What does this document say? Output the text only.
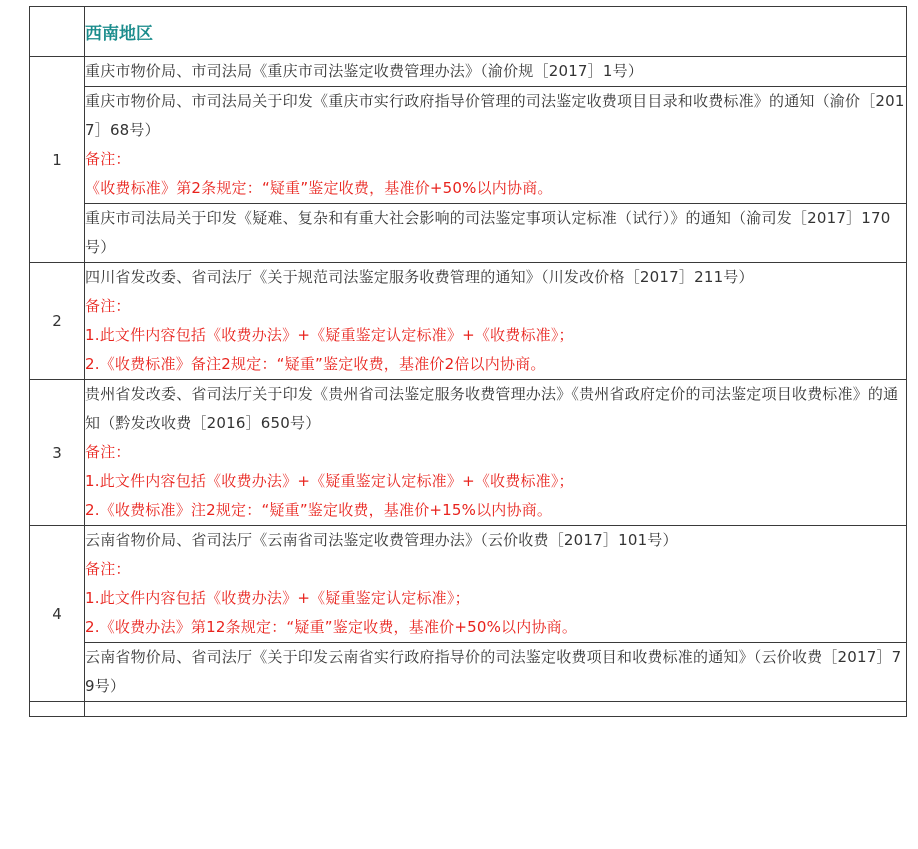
	西南地区
1	重庆市物价局、市司法局《重庆市司法鉴定收费管理办法》（渝价规［2017］1号）

	重庆市物价局、市司法局关于印发《重庆市实行政府指导价管理的司法鉴定收费项目目录和收费标准》的通知（渝价［2017］68号）
备注：
《收费标准》第2条规定：“疑重”鉴定收费，基准价+50%以内协商。

	重庆市司法局关于印发《疑难、复杂和有重大社会影响的司法鉴定事项认定标准（试行）》的通知（渝司发［2017］170号）

2	四川省发改委、省司法厅《关于规范司法鉴定服务收费管理的通知》（川发改价格［2017］211号）
备注：
1.此文件内容包括《收费办法》+《疑重鉴定认定标准》+《收费标准》；
2.《收费标准》备注2规定：“疑重”鉴定收费，基准价2倍以内协商。

3	贵州省发改委、省司法厅关于印发《贵州省司法鉴定服务收费管理办法》《贵州省政府定价的司法鉴定项目收费标准》的通知（黔发改收费［2016］650号）
备注：
1.此文件内容包括《收费办法》+《疑重鉴定认定标准》+《收费标准》；
2.《收费标准》注2规定：“疑重”鉴定收费，基准价+15%以内协商。

4	云南省物价局、省司法厅《云南省司法鉴定收费管理办法》（云价收费［2017］101号）
备注：
1.此文件内容包括《收费办法》+《疑重鉴定认定标准》；
2.《收费办法》第12条规定：“疑重”鉴定收费，基准价+50%以内协商。

	云南省物价局、省司法厅《关于印发云南省实行政府指导价的司法鉴定收费项目和收费标准的通知》（云价收费［2017］79号）
